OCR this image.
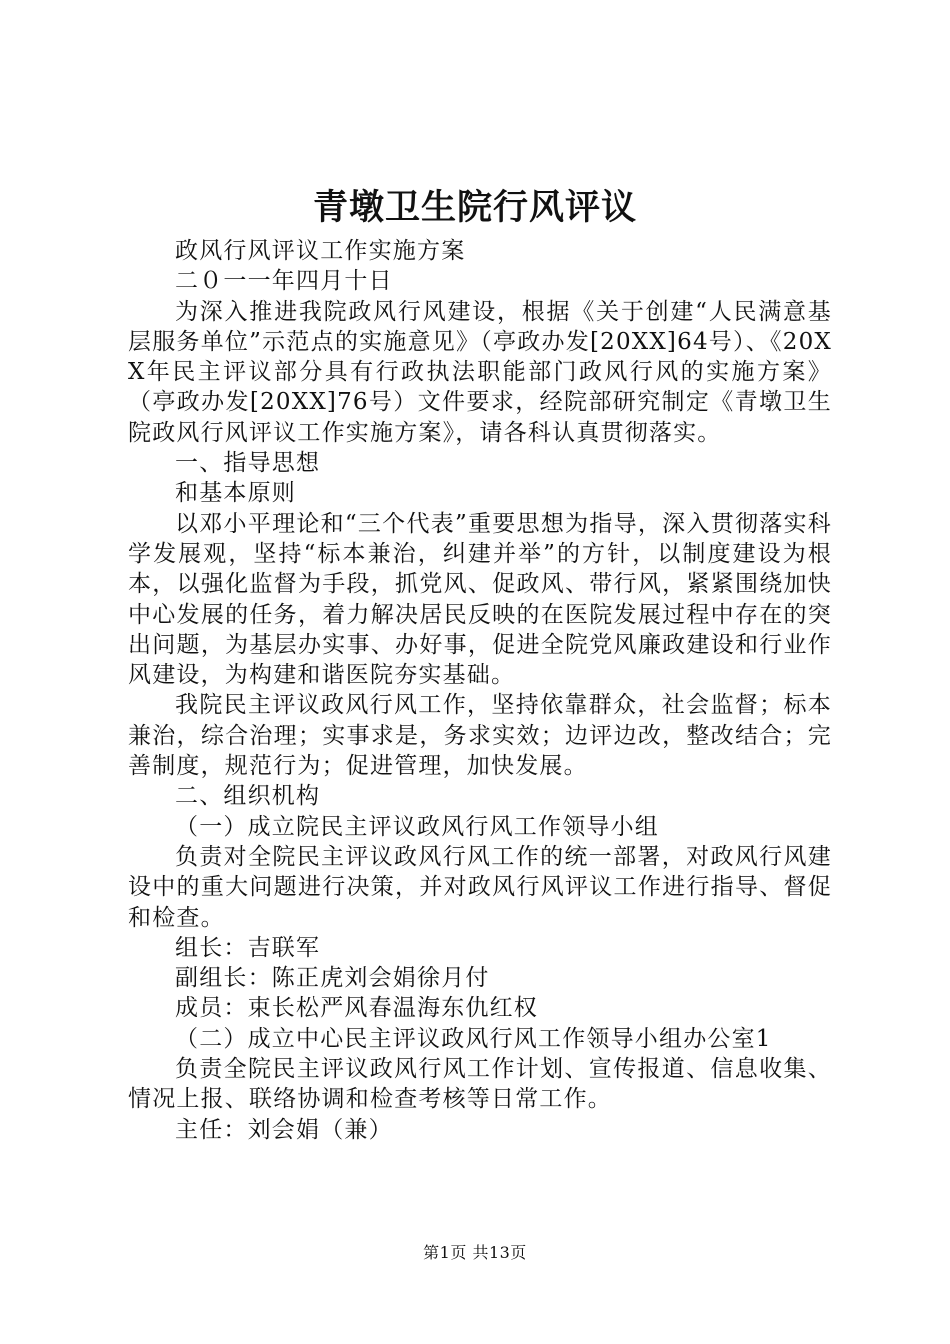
青墩卫生院行风评议

政风行风评议工作实施方案

二０一一年四月十日

为深入推进我院政风行风建设，根据《关于创建“人民满意基层服务单位”示范点的实施意见》（亭政办发[20XX]64号）、《20XX年民主评议部分具有行政执法职能部门政风行风的实施方案》（亭政办发[20XX]76号）文件要求，经院部研究制定《青墩卫生院政风行风评议工作实施方案》，请各科认真贯彻落实。

一、指导思想

和基本原则

以邓小平理论和“三个代表”重要思想为指导，深入贯彻落实科学发展观，坚持“标本兼治，纠建并举”的方针，以制度建设为根本，以强化监督为手段，抓党风、促政风、带行风，紧紧围绕加快中心发展的任务，着力解决居民反映的在医院发展过程中存在的突出问题，为基层办实事、办好事，促进全院党风廉政建设和行业作风建设，为构建和谐医院夯实基础。

我院民主评议政风行风工作，坚持依靠群众，社会监督；标本兼治，综合治理；实事求是，务求实效；边评边改，整改结合；完善制度，规范行为；促进管理，加快发展。

二、组织机构

（一）成立院民主评议政风行风工作领导小组

负责对全院民主评议政风行风工作的统一部署，对政风行风建设中的重大问题进行决策，并对政风行风评议工作进行指导、督促和检查。

组长：吉联军

副组长：陈正虎刘会娟徐月付

成员：束长松严风春温海东仇红权

（二）成立中心民主评议政风行风工作领导小组办公室1

负责全院民主评议政风行风工作计划、宣传报道、信息收集、情况上报、联络协调和检查考核等日常工作。

主任：刘会娟（兼）

第1页 共13页
